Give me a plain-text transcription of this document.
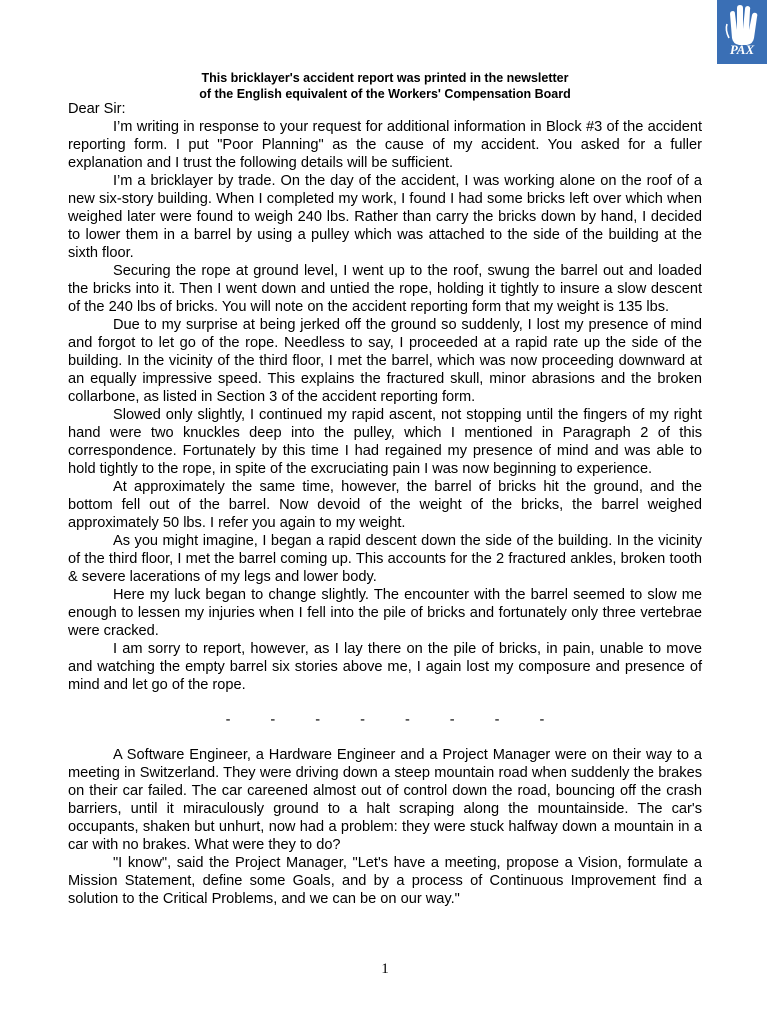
PAX
This bricklayer's accident report was printed in the newsletter
of the English equivalent of the Workers' Compensation Board

Dear Sir:

I’m writing in response to your request for additional information in Block #3 of the accident reporting form. I put "Poor Planning" as the cause of my accident. You asked for a fuller explanation and I trust the following details will be sufficient.

I’m a bricklayer by trade. On the day of the accident, I was working alone on the roof of a new six-story building. When I completed my work, I found I had some bricks left over which when weighed later were found to weigh 240 lbs. Rather than carry the bricks down by hand, I decided to lower them in a barrel by using a pulley which was attached to the side of the building at the sixth floor.

Securing the rope at ground level, I went up to the roof, swung the barrel out and loaded the bricks into it. Then I went down and untied the rope, holding it tightly to insure a slow descent of the 240 lbs of bricks. You will note on the accident reporting form that my weight is 135 lbs.

Due to my surprise at being jerked off the ground so suddenly, I lost my presence of mind and forgot to let go of the rope. Needless to say, I proceeded at a rapid rate up the side of the building. In the vicinity of the third floor, I met the barrel, which was now proceeding downward at an equally impressive speed. This explains the fractured skull, minor abrasions and the broken collarbone, as listed in Section 3 of the accident reporting form.

Slowed only slightly, I continued my rapid ascent, not stopping until the fingers of my right hand were two knuckles deep into the pulley, which I mentioned in Paragraph 2 of this correspondence. Fortunately by this time I had regained my presence of mind and was able to hold tightly to the rope, in spite of the excruciating pain I was now beginning to experience.

At approximately the same time, however, the barrel of bricks hit the ground, and the bottom fell out of the barrel. Now devoid of the weight of the bricks, the barrel weighed approximately 50 lbs. I refer you again to my weight.

As you might imagine, I began a rapid descent down the side of the building. In the vicinity of the third floor, I met the barrel coming up. This accounts for the 2 fractured ankles, broken tooth & severe lacerations of my legs and lower body.

Here my luck began to change slightly. The encounter with the barrel seemed to slow me enough to lessen my injuries when I fell into the pile of bricks and fortunately only three vertebrae were cracked.

I am sorry to report, however, as I lay there on the pile of bricks, in pain, unable to move and watching the empty barrel six stories above me, I again lost my composure and presence of mind and let go of the rope.

-	-	-	-	-	-	-	-

A Software Engineer, a Hardware Engineer and a Project Manager were on their way to a meeting in Switzerland. They were driving down a steep mountain road when suddenly the brakes on their car failed. The car careened almost out of control down the road, bouncing off the crash barriers, until it miraculously ground to a halt scraping along the mountainside. The car's occupants, shaken but unhurt, now had a problem: they were stuck halfway down a mountain in a car with no brakes. What were they to do?

"I know", said the Project Manager, "Let's have a meeting, propose a Vision, formulate a Mission Statement, define some Goals, and by a process of Continuous Improvement find a solution to the Critical Problems, and we can be on our way."

1
